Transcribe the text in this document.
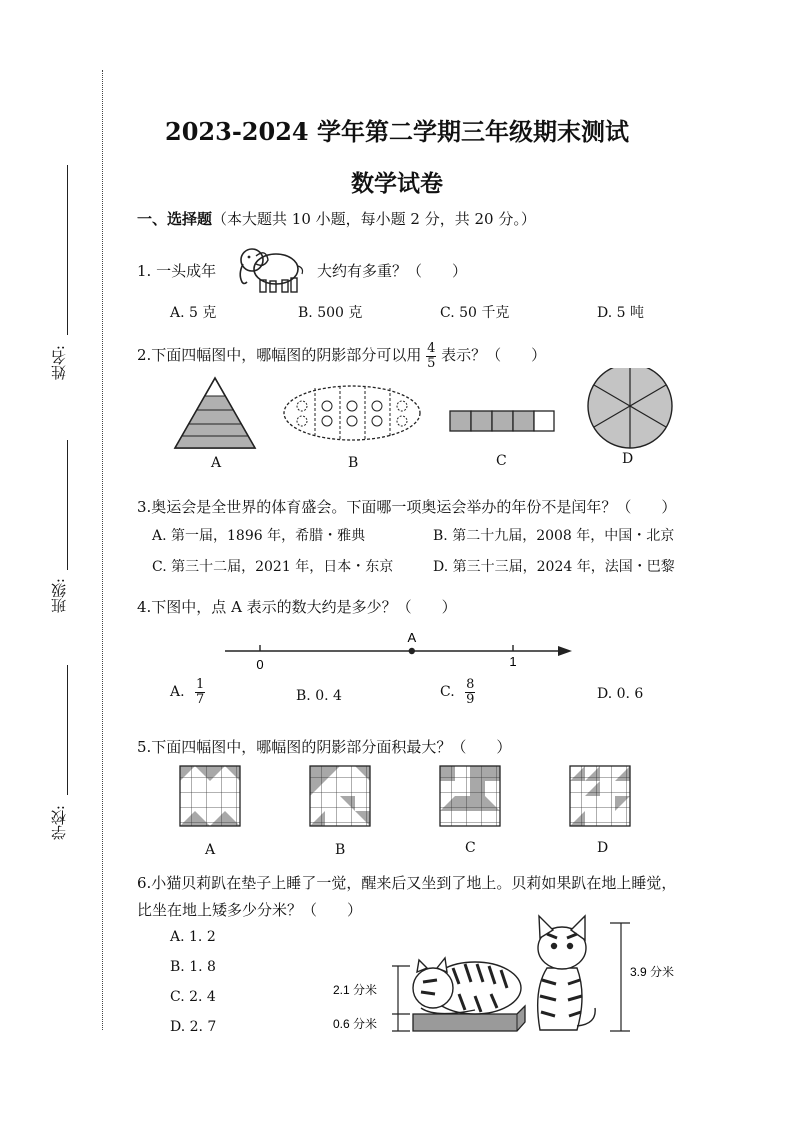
姓名:
班级:
学校:
2023-2024 学年第二学期三年级期末测试
数学试卷
一、选择题（本大题共 10 小题，每小题 2 分，共 20 分。）
1. 一头成年	大约有多重？（　　）
A. 5 克	B. 500 克	C. 50 千克	D. 5 吨
2.下面四幅图中，哪幅图的阴影部分可以用 $\frac{4}{5}$ 表示？（　　）
A	B	C	D
3.奥运会是全世界的体育盛会。下面哪一项奥运会举办的年份不是闰年？（　　）
A. 第一届，1896 年，希腊・雅典	B. 第二十九届，2008 年，中国・北京
C. 第三十二届，2021 年，日本・东京	D. 第三十三届，2024 年，法国・巴黎
4.下图中，点 A 表示的数大约是多少？（　　）
A
0	1
A. $\frac{1}{7}$	B. 0. 4	C. $\frac{8}{9}$	D. 0. 6
5.下面四幅图中，哪幅图的阴影部分面积最大？（　　）
A	B	C	D
6.小猫贝莉趴在垫子上睡了一觉，醒来后又坐到了地上。贝莉如果趴在地上睡觉，
比坐在地上矮多少分米？（　　）
A. 1. 2
B. 1. 8
C. 2. 4
D. 2. 7
2.1 分米
0.6 分米
3.9 分米
